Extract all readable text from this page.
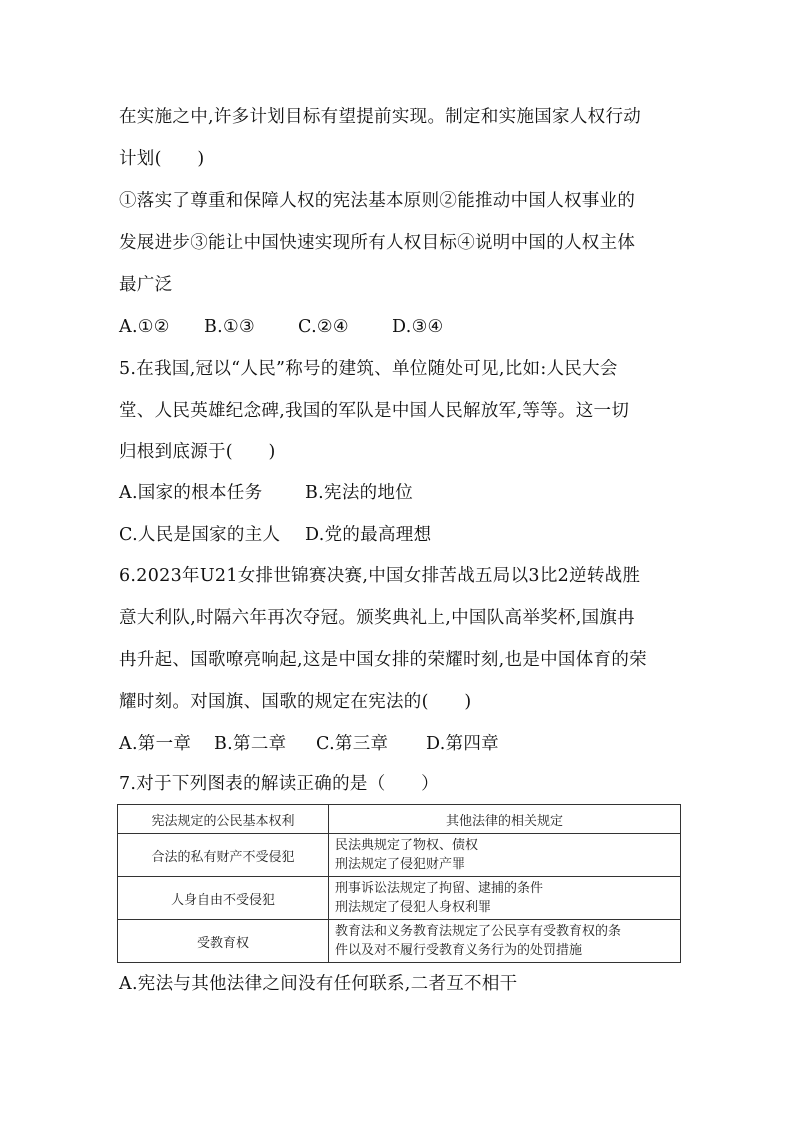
在实施之中,许多计划目标有望提前实现。制定和实施国家人权行动
计划(　　)
①落实了尊重和保障人权的宪法基本原则②能推动中国人权事业的
发展进步③能让中国快速实现所有人权目标④说明中国的人权主体
最广泛
A.①② B.①③ C.②④ D.③④
5.在我国,冠以“人民”称号的建筑、单位随处可见,比如:人民大会
堂、人民英雄纪念碑,我国的军队是中国人民解放军,等等。这一切
归根到底源于(　　)
A.国家的根本任务 B.宪法的地位
C.人民是国家的主人 D.党的最高理想
6.2023年U21女排世锦赛决赛,中国女排苦战五局以3比2逆转战胜
意大利队,时隔六年再次夺冠。颁奖典礼上,中国队高举奖杯,国旗冉
冉升起、国歌嘹亮响起,这是中国女排的荣耀时刻,也是中国体育的荣
耀时刻。对国旗、国歌的规定在宪法的(　　)
A.第一章 B.第二章 C.第三章 D.第四章
7.对于下列图表的解读正确的是（　　）
宪法规定的公民基本权利	其他法律的相关规定
合法的私有财产不受侵犯	民法典规定了物权、债权
刑法规定了侵犯财产罪

人身自由不受侵犯	刑事诉讼法规定了拘留、逮捕的条件
刑法规定了侵犯人身权利罪

受教育权	教育法和义务教育法规定了公民享有受教育权的条
件以及对不履行受教育义务行为的处罚措施
A.宪法与其他法律之间没有任何联系,二者互不相干
